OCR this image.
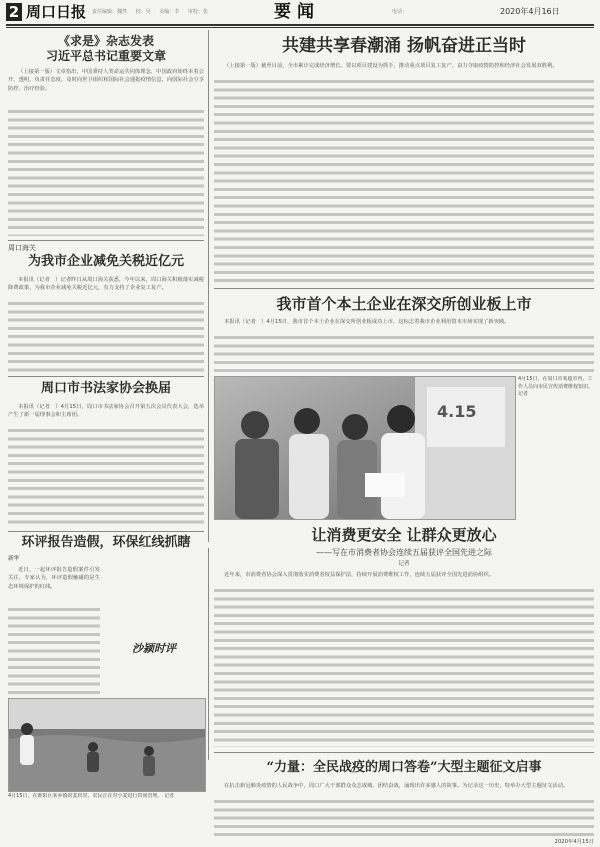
2 周口日报 责任编辑：魏然 校：吴 美编：李 审校：张	要闻	电话：	2020年4月16日
《求是》杂志发表
习近平总书记重要文章

（上接第一版）文章指出，中国秉持人类命运共同体理念，中国政府始终本着公开、透明、负责任态度，及时向世卫组织和国际社会通报疫情信息，向国际社会分享防控、治疗经验。

周口海关
为我市企业减免关税近亿元

本报讯（记者　）记者昨日从周口海关获悉，今年以来，周口海关积极落实减税降费政策，为我市企业减免关税近亿元，有力支持了企业复工复产。

周口市书法家协会换届

本报讯（记者　）4月15日，周口市书法家协会召开第五次会员代表大会，选举产生了新一届理事会和主席团。

环评报告造假，环保红线抓瞎
新华

近日，一起环评报告造假案件引发关注，专家认为，环评造假触碰的是生态环境保护的红线。

共建共享春潮涌 扬帆奋进正当时

（上接第一版）截至目前，全市累计完成经济增长。要以项目建设为抓手，推动重点项目复工复产，奋力夺取疫情防控和经济社会发展双胜利。

我市首个本土企业在深交所创业板上市

本报讯（记者　）4月15日，我市首个本土企业在深交所创业板成功上市，这标志着我市企业利用资本市场实现了新突破。

4.15
4月15日，在周口市某超市内，工作人员向市民宣传消费维权知识。 记者
让消费更安全 让群众更放心
——写在市消费者协会连续五届获评全国先进之际
记者

近年来，市消费者协会深入贯彻落实消费者权益保护法，持续开展消费维权工作，连续五届获评全国先进消协组织。

沙颍时评
4月15日，在淮阳区某乡镇的麦田里，农民正在对小麦进行田间管理。 记者
“力量：全民战疫的周口答卷”大型主题征文启事

在抗击新冠肺炎疫情的人民战争中，周口广大干部群众众志成城、团结奋战，涌现出许多感人的故事。为记录这一历史，特举办大型主题征文活动。

2020年4月15日
